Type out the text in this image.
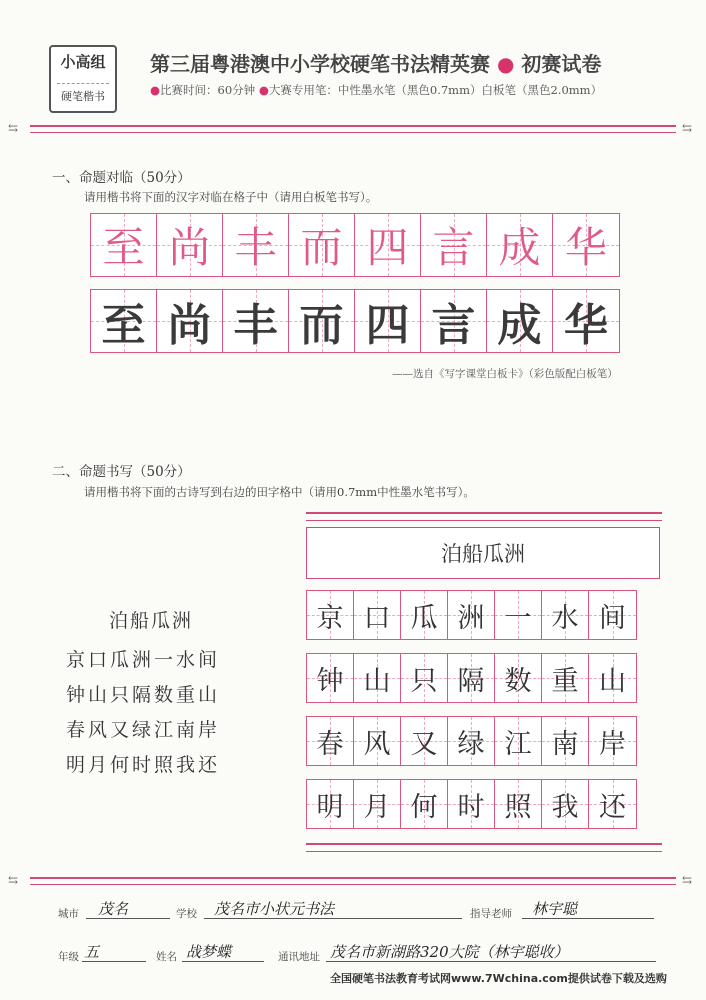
小高组
硬笔楷书
第三届粤港澳中小学校硬笔书法精英赛 ● 初赛试卷
●比赛时间：60分钟 ●大赛专用笔：中性墨水笔（黑色0.7mm）白板笔（黑色2.0mm）
⇆	⇆
一、命题对临（50分）
请用楷书将下面的汉字对临在格子中（请用白板笔书写）。
至 尚 丰 而 四 言 成 华
至 尚 丰 而 四 言 成 华
——选自《写字课堂白板卡》（彩色版配白板笔）
二、命题书写（50分）
请用楷书将下面的古诗写到右边的田字格中（请用0.7mm中性墨水笔书写）。
泊船瓜洲
京口瓜洲一水间
钟山只隔数重山
春风又绿江南岸
明月何时照我还
泊船瓜洲
京 口 瓜 洲 一 水 间
钟 山 只 隔 数 重 山
春 风 又 绿 江 南 岸
明 月 何 时 照 我 还
⇆	⇆
城市 茂名	学校 茂名市小状元书法	指导老师 林宇聪
年级 五	姓名 战梦蝶	通讯地址 茂名市新湖路320大院（林宇聪收）
全国硬笔书法教育考试网www.7Wchina.com提供试卷下载及选购
